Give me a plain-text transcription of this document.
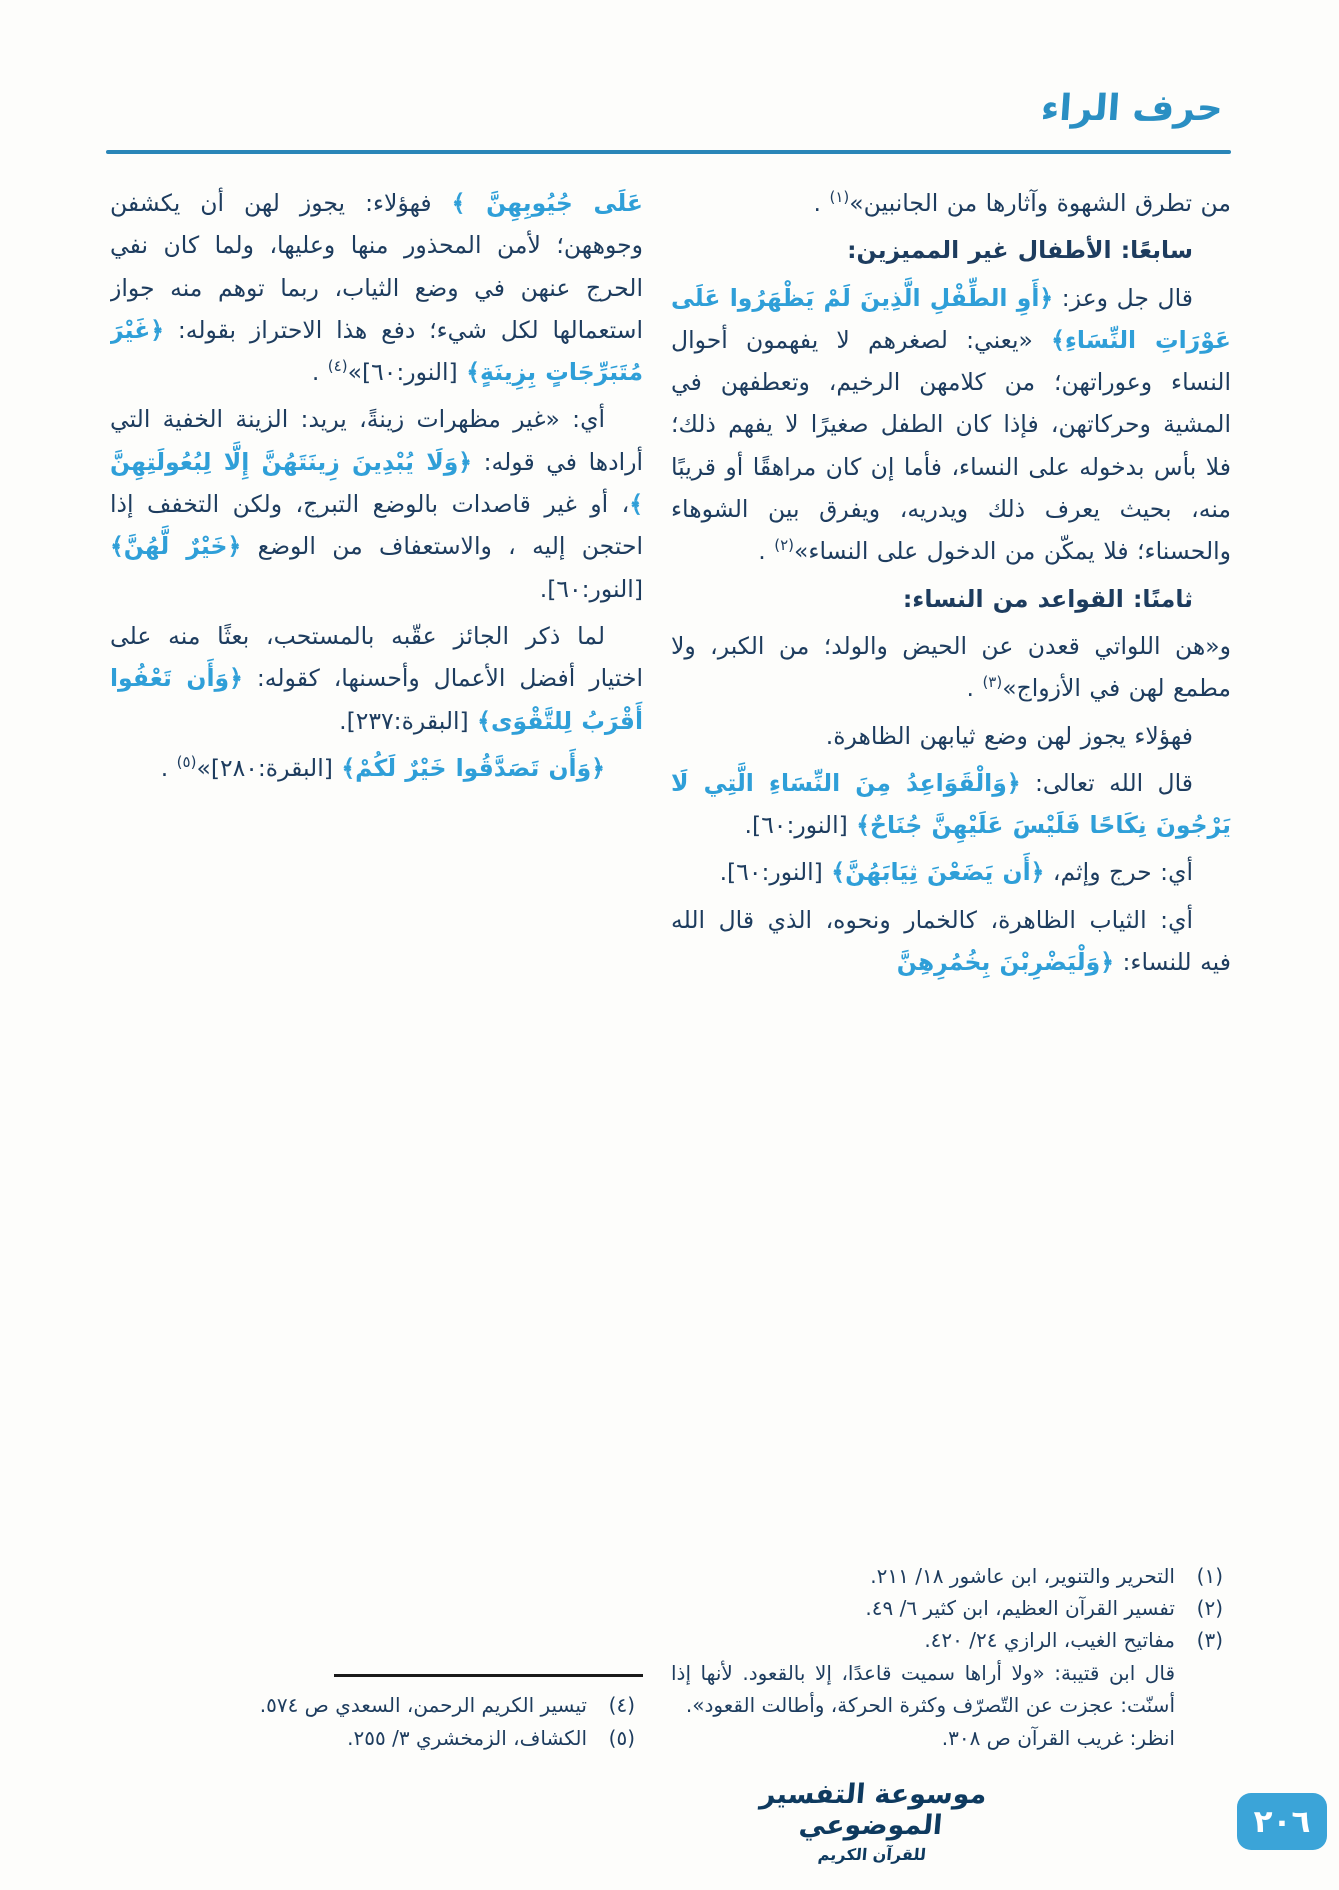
حرف الراء

من تطرق الشهوة وآثارها من الجانبين»$^{(١)}$ .

سابعًا: الأطفال غير المميزين:

قال جل وعز: ﴿أَوِ الطِّفْلِ الَّذِينَ لَمْ يَظْهَرُوا عَلَى عَوْرَاتِ النِّسَاءِ﴾ «يعني: لصغرهم لا يفهمون أحوال النساء وعوراتهن؛ من كلامهن الرخيم، وتعطفهن في المشية وحركاتهن، فإذا كان الطفل صغيرًا لا يفهم ذلك؛ فلا بأس بدخوله على النساء، فأما إن كان مراهقًا أو قريبًا منه، بحيث يعرف ذلك ويدريه، ويفرق بين الشوهاء والحسناء؛ فلا يمكّن من الدخول على النساء»$^{(٢)}$ .

ثامنًا: القواعد من النساء:

و«هن اللواتي قعدن عن الحيض والولد؛ من الكبر، ولا مطمع لهن في الأزواج»$^{(٣)}$ .

فهؤلاء يجوز لهن وضع ثيابهن الظاهرة.

قال الله تعالى: ﴿وَالْقَوَاعِدُ مِنَ النِّسَاءِ الَّتِي لَا يَرْجُونَ نِكَاحًا فَلَيْسَ عَلَيْهِنَّ جُنَاحٌ﴾ [النور:٦٠].

أي: حرج وإثم، ﴿أَن يَضَعْنَ ثِيَابَهُنَّ﴾ [النور:٦٠].

أي: الثياب الظاهرة، كالخمار ونحوه، الذي قال الله فيه للنساء: ﴿وَلْيَضْرِبْنَ بِخُمُرِهِنَّ

(١)
التحرير والتنوير، ابن عاشور ١٨/ ٢١١.
(٢)
تفسير القرآن العظيم، ابن كثير ٦/ ٤٩.
(٣)
مفاتيح الغيب، الرازي ٢٤/ ٤٢٠.
قال ابن قتيبة: «ولا أراها سميت قاعدًا، إلا بالقعود. لأنها إذا أسنّت: عجزت عن التّصرّف وكثرة الحركة، وأطالت القعود».
انظر: غريب القرآن ص ٣٠٨.

عَلَى جُيُوبِهِنَّ ﴾ فهؤلاء: يجوز لهن أن يكشفن وجوههن؛ لأمن المحذور منها وعليها، ولما كان نفي الحرج عنهن في وضع الثياب، ربما توهم منه جواز استعمالها لكل شيء؛ دفع هذا الاحتراز بقوله: ﴿غَيْرَ مُتَبَرِّجَاتٍ بِزِينَةٍ﴾ [النور:٦٠]»$^{(٤)}$ .

أي: «غير مظهرات زينةً، يريد: الزينة الخفية التي أرادها في قوله: ﴿وَلَا يُبْدِينَ زِينَتَهُنَّ إِلَّا لِبُعُولَتِهِنَّ ﴾، أو غير قاصدات بالوضع التبرج، ولكن التخفف إذا احتجن إليه ، والاستعفاف من الوضع ﴿خَيْرٌ لَّهُنَّ﴾ [النور:٦٠].

لما ذكر الجائز عقّبه بالمستحب، بعثًا منه على اختيار أفضل الأعمال وأحسنها، كقوله: ﴿وَأَن تَعْفُوا أَقْرَبُ لِلتَّقْوَى﴾ [البقرة:٢٣٧].

﴿وَأَن تَصَدَّقُوا خَيْرٌ لَكُمْ﴾ [البقرة:٢٨٠]»$^{(٥)}$ .

(٤)
تيسير الكريم الرحمن، السعدي ص ٥٧٤.
(٥)
الكشاف، الزمخشري ٣/ ٢٥٥.
موسوعة التفسير الموضوعي
للقرآن الكريم
٢٠٦
